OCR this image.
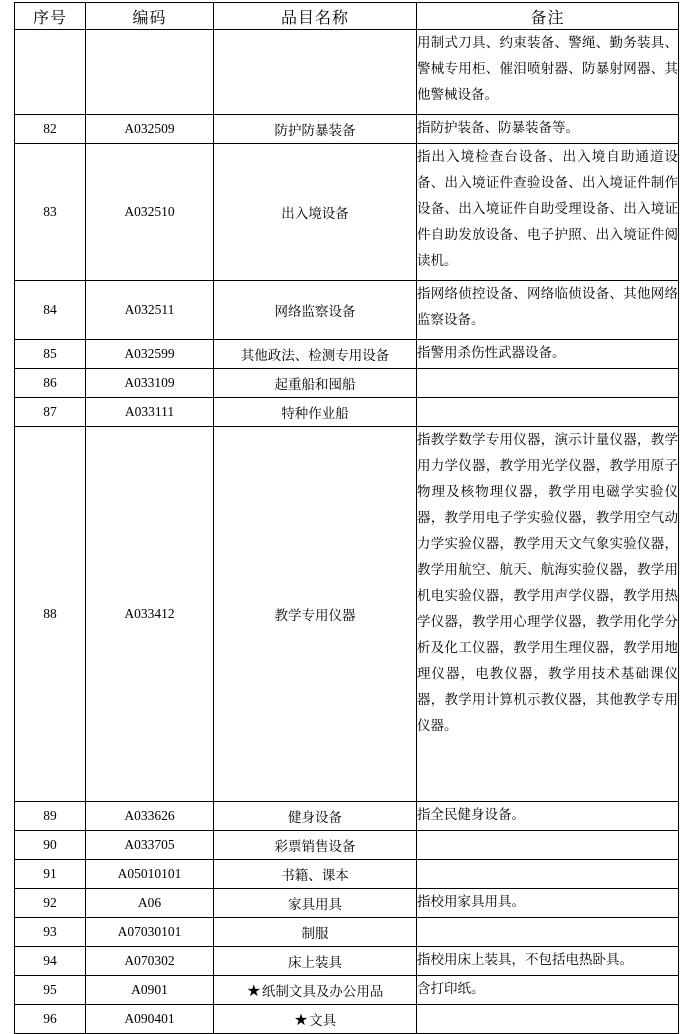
序号	编码	品目名称	备注
			用制式刀具、约束装备、警绳、勤务装具、警械专用柜、催泪喷射器、防暴射网器、其他警械设备。
82	A032509	防护防暴装备	指防护装备、防暴装备等。
83	A032510	出入境设备	指出入境检查台设备、出入境自助通道设备、出入境证件查验设备、出入境证件制作设备、出入境证件自助受理设备、出入境证件自助发放设备、电子护照、出入境证件阅读机。
84	A032511	网络监察设备	指网络侦控设备、网络临侦设备、其他网络监察设备。
85	A032599	其他政法、检测专用设备	指警用杀伤性武器设备。
86	A033109	起重船和囤船	
87	A033111	特种作业船	
88	A033412	教学专用仪器	指教学数学专用仪器，演示计量仪器，教学用力学仪器，教学用光学仪器，教学用原子物理及核物理仪器，教学用电磁学实验仪器，教学用电子学实验仪器，教学用空气动力学实验仪器，教学用天文气象实验仪器，教学用航空、航天、航海实验仪器，教学用机电实验仪器，教学用声学仪器，教学用热学仪器，教学用心理学仪器，教学用化学分析及化工仪器，教学用生理仪器，教学用地理仪器，电教仪器，教学用技术基础课仪器，教学用计算机示教仪器，其他教学专用仪器。
89	A033626	健身设备	指全民健身设备。
90	A033705	彩票销售设备	
91	A05010101	书籍、课本	
92	A06	家具用具	指校用家具用具。
93	A07030101	制服	
94	A070302	床上装具	指校用床上装具，不包括电热卧具。
95	A0901	★纸制文具及办公用品	含打印纸。
96	A090401	★文具	
